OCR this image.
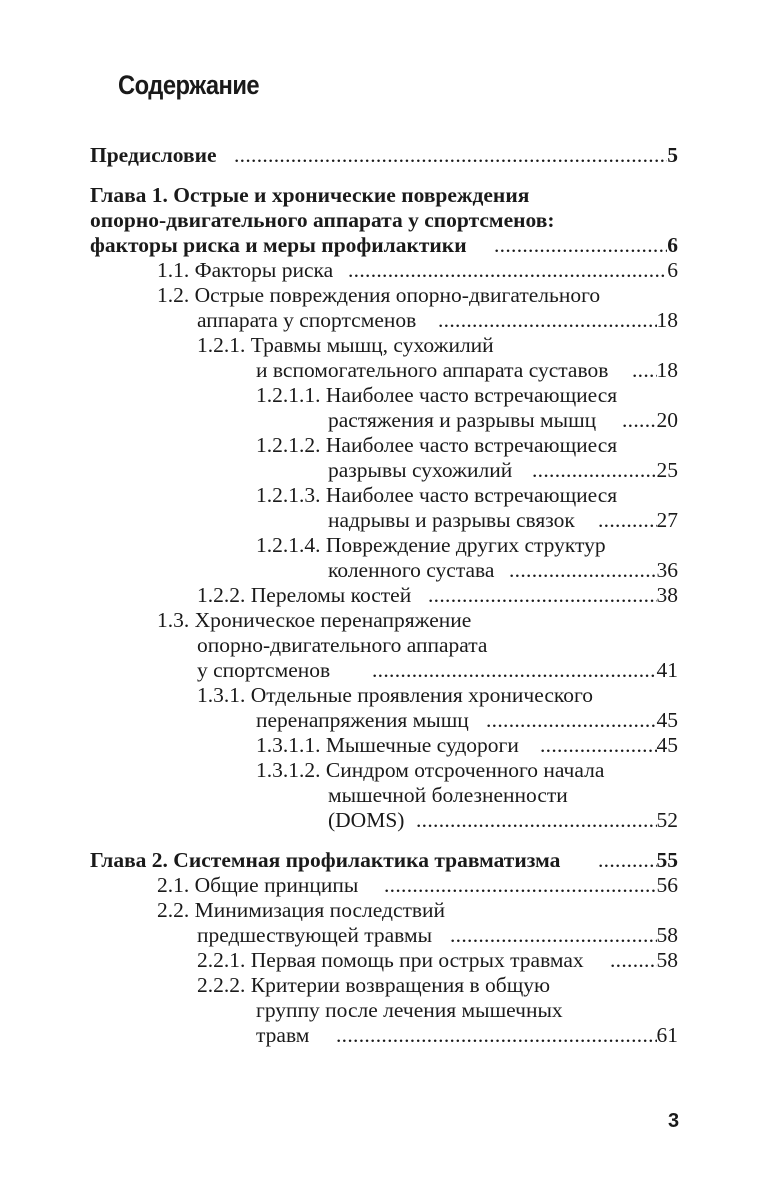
Содержание
Предисловие .....	5
Глава 1. Острые и хронические повреждения
опорно-двигательного аппарата у спортсменов:
факторы риска и меры профилактики .....	6
1.1. Факторы риска .....	6
1.2. Острые повреждения опорно-двигательного
аппарата у спортсменов .....	18
1.2.1. Травмы мышц, сухожилий
и вспомогательного аппарата суставов ..... 18
1.2.1.1. Наиболее часто встречающиеся
растяжения и разрывы мышц .....	20
1.2.1.2. Наиболее часто встречающиеся
разрывы сухожилий .....	25
1.2.1.3. Наиболее часто встречающиеся
надрывы и разрывы связок .....	27
1.2.1.4. Повреждение других структур
коленного сустава .....	36
1.2.2. Переломы костей .....	38
1.3. Хроническое перенапряжение
опорно-двигательного аппарата
у спортсменов .....	41
1.3.1. Отдельные проявления хронического
перенапряжения мышц .....	45
1.3.1.1. Мышечные судороги .....	45
1.3.1.2. Синдром отсроченного начала
мышечной болезненности
(DOMS) .....	52
Глава 2. Системная профилактика травматизма .....	55
2.1. Общие принципы .....	56
2.2. Минимизация последствий
предшествующей травмы .....	58
2.2.1. Первая помощь при острых травмах .....	58
2.2.2. Критерии возвращения в общую
группу после лечения мышечных
травм .....	61
3
